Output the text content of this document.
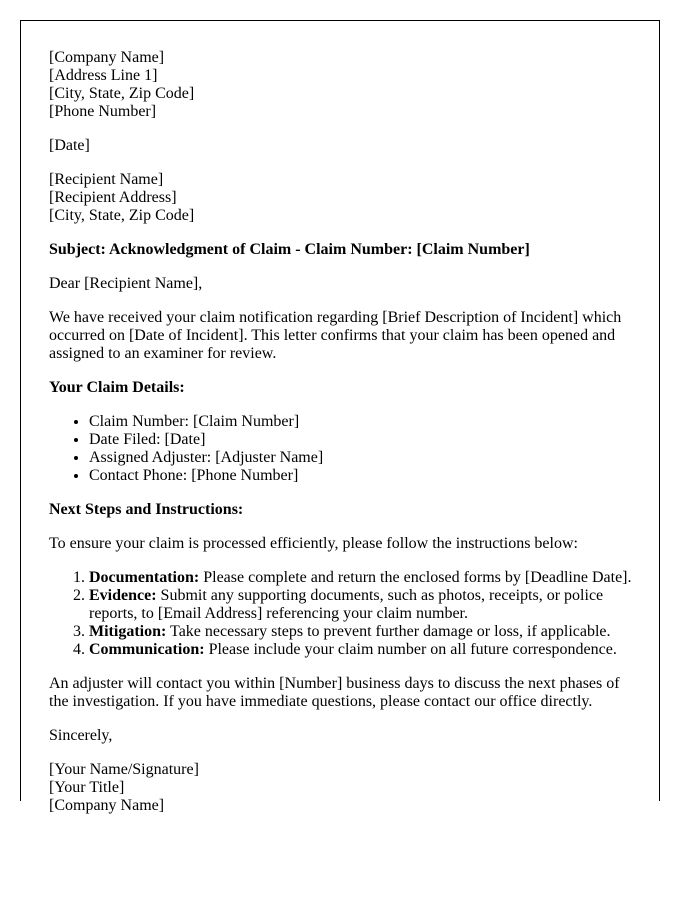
[Company Name]
[Address Line 1]
[City, State, Zip Code]
[Phone Number]

[Date]

[Recipient Name]
[Recipient Address]
[City, State, Zip Code]

Subject: Acknowledgment of Claim - Claim Number: [Claim Number]

Dear [Recipient Name],

We have received your claim notification regarding [Brief Description of Incident] which occurred on [Date of Incident]. This letter confirms that your claim has been opened and assigned to an examiner for review.

Your Claim Details:

• Claim Number: [Claim Number]
• Date Filed: [Date]
• Assigned Adjuster: [Adjuster Name]
• Contact Phone: [Phone Number]

Next Steps and Instructions:

To ensure your claim is processed efficiently, please follow the instructions below:

1. Documentation: Please complete and return the enclosed forms by [Deadline Date].
2. Evidence: Submit any supporting documents, such as photos, receipts, or police reports, to [Email Address] referencing your claim number.
3. Mitigation: Take necessary steps to prevent further damage or loss, if applicable.
4. Communication: Please include your claim number on all future correspondence.

An adjuster will contact you within [Number] business days to discuss the next phases of the investigation. If you have immediate questions, please contact our office directly.

Sincerely,

[Your Name/Signature]
[Your Title]
[Company Name]
